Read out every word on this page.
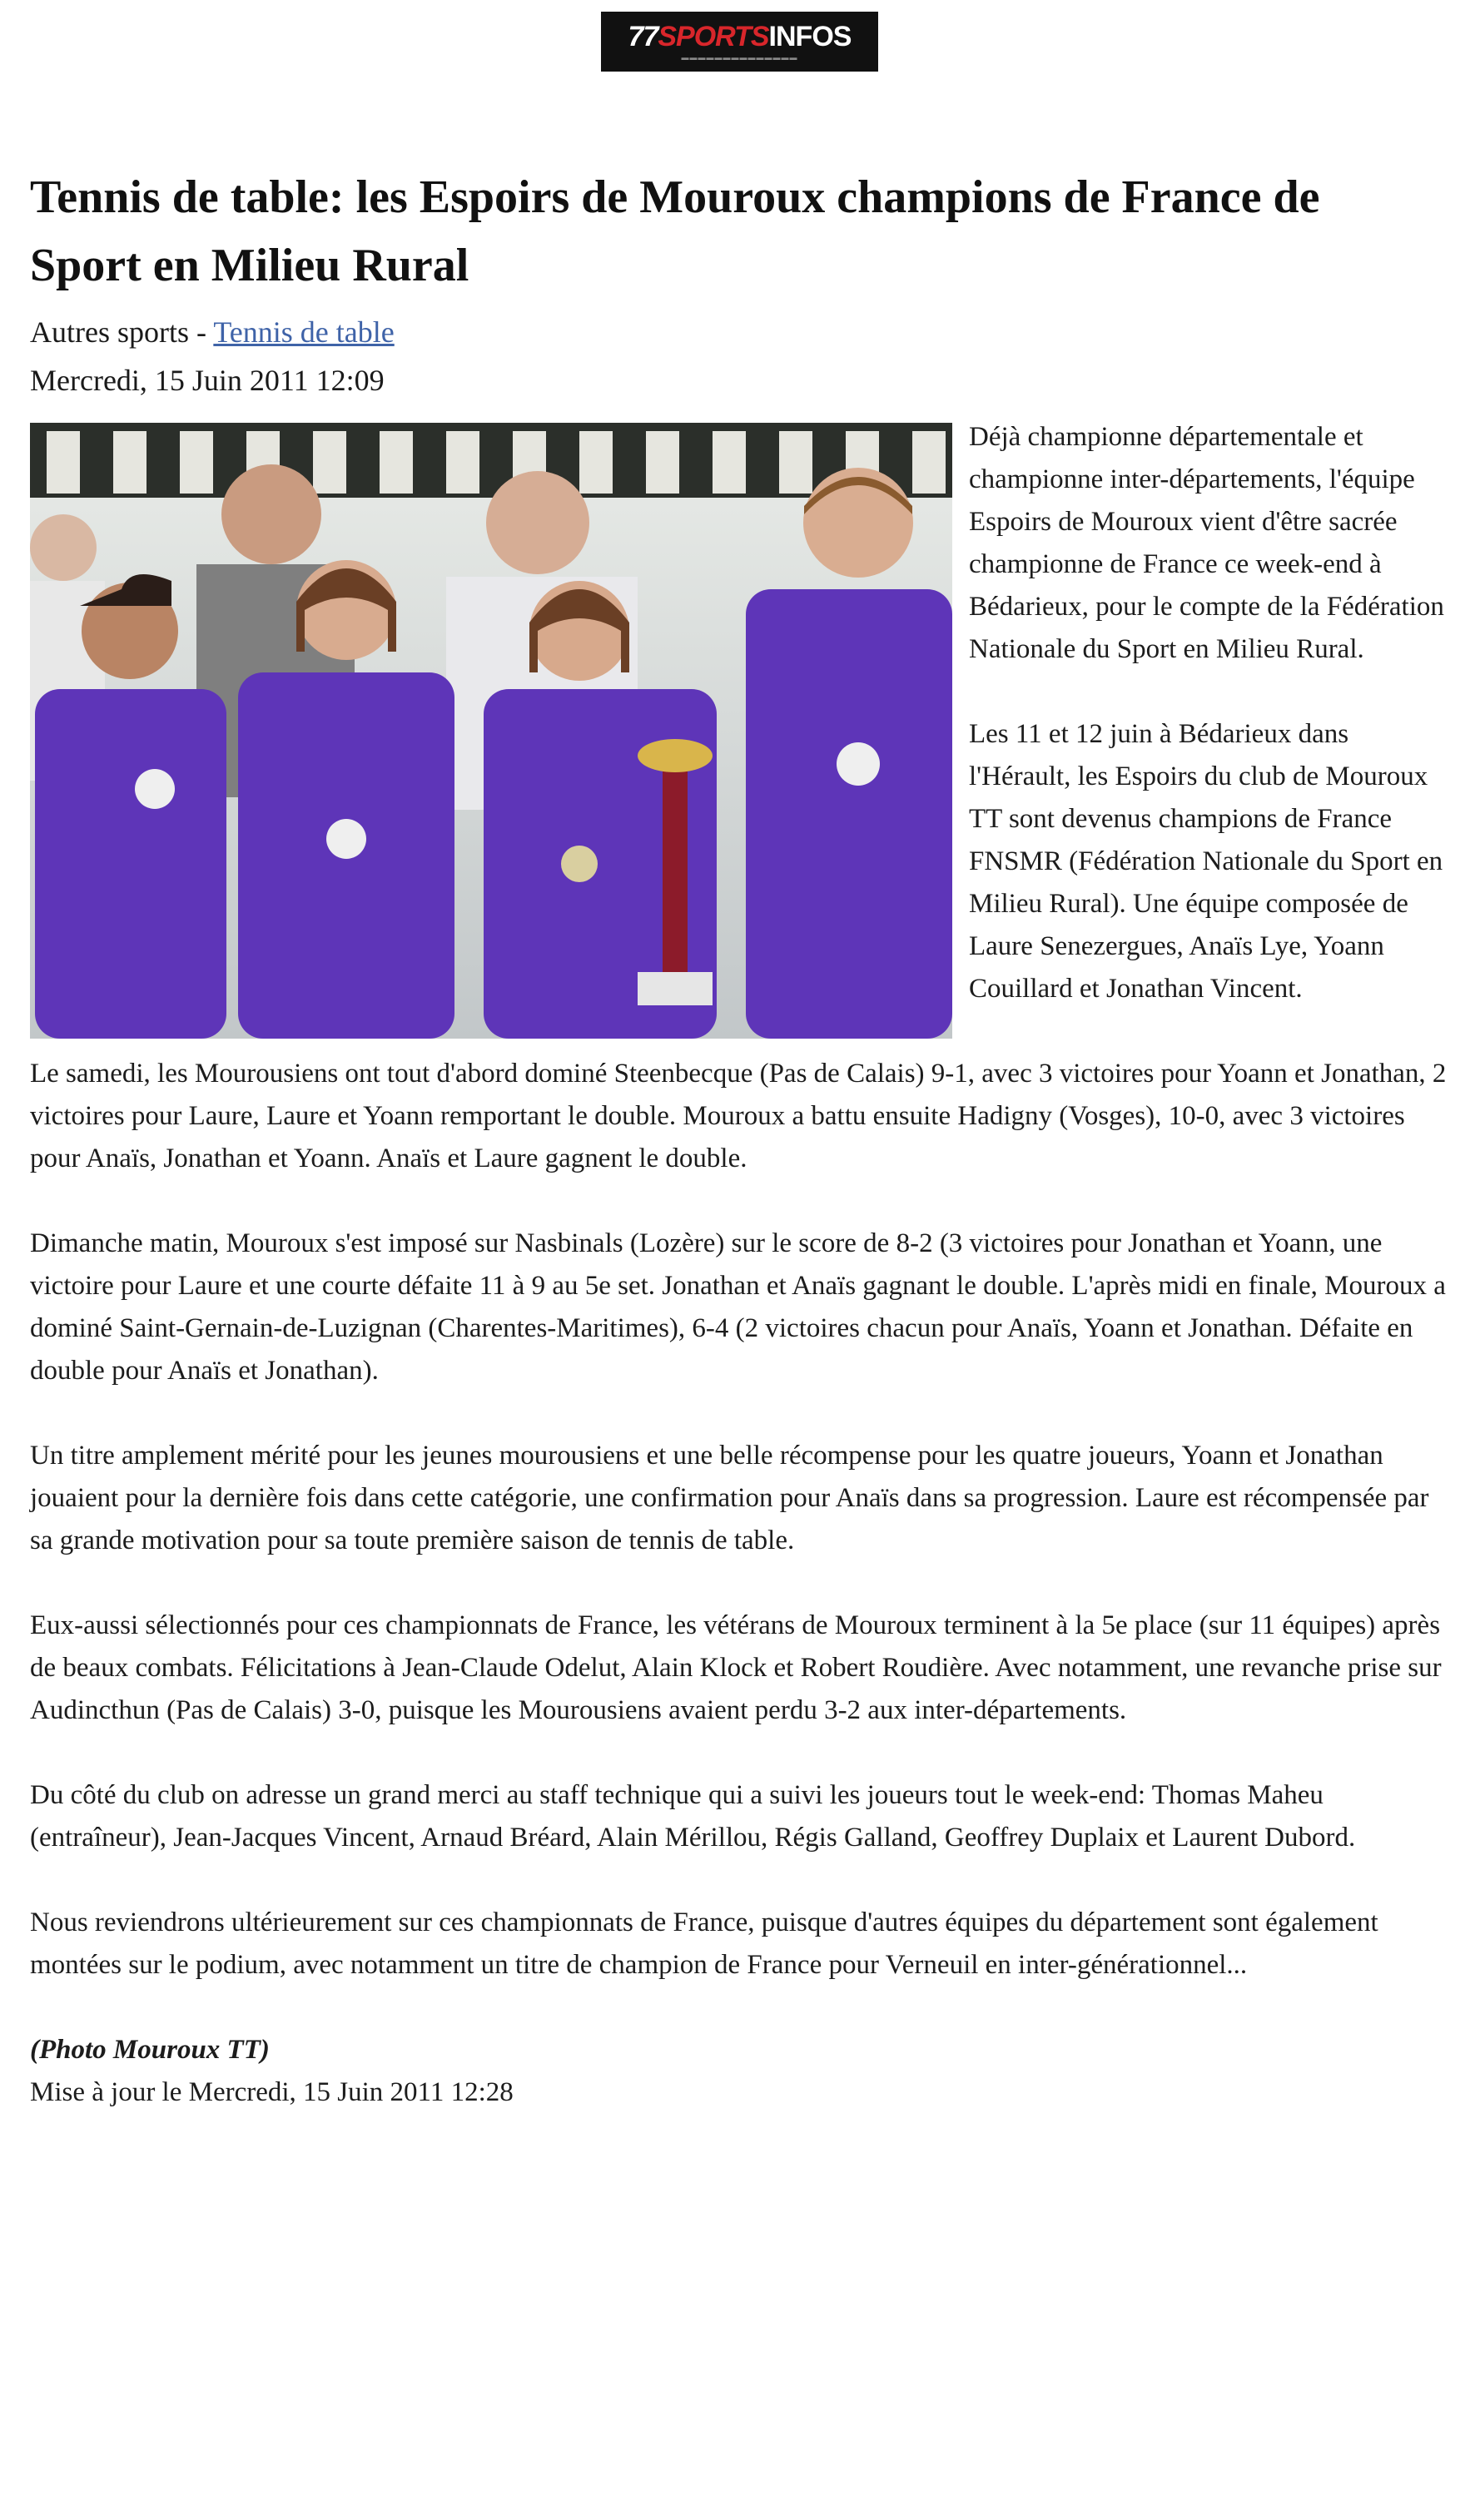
77SPORTSINFOS
▬▬▬▬▬▬▬▬▬▬▬▬▬▬
Tennis de table: les Espoirs de Mouroux champions de France de Sport en Milieu Rural
Autres sports - Tennis de table
Mercredi, 15 Juin 2011 12:09

Déjà championne départementale et championne inter-départements, l'équipe Espoirs de Mouroux vient d'être sacrée championne de France ce week-end à Bédarieux, pour le compte de la Fédération Nationale du Sport en Milieu Rural.

Les 11 et 12 juin à Bédarieux dans l'Hérault, les Espoirs du club de Mouroux TT sont devenus champions de France FNSMR (Fédération Nationale du Sport en Milieu Rural). Une équipe composée de Laure Senezergues, Anaïs Lye, Yoann Couillard et Jonathan Vincent.

Le samedi, les Mourousiens ont tout d'abord dominé Steenbecque (Pas de Calais) 9-1, avec 3 victoires pour Yoann et Jonathan, 2 victoires pour Laure, Laure et Yoann remportant le double. Mouroux a battu ensuite Hadigny (Vosges), 10-0, avec 3 victoires pour Anaïs, Jonathan et Yoann. Anaïs et Laure gagnent le double.

Dimanche matin, Mouroux s'est imposé sur Nasbinals (Lozère) sur le score de 8-2 (3 victoires pour Jonathan et Yoann, une victoire pour Laure et une courte défaite 11 à 9 au 5e set. Jonathan et Anaïs gagnant le double. L'après midi en finale, Mouroux a dominé Saint-Gernain-de-Luzignan (Charentes-Maritimes), 6-4 (2 victoires chacun pour Anaïs, Yoann et Jonathan. Défaite en double pour Anaïs et Jonathan).

Un titre amplement mérité pour les jeunes mourousiens et une belle récompense pour les quatre joueurs, Yoann et Jonathan jouaient pour la dernière fois dans cette catégorie, une confirmation pour Anaïs dans sa progression. Laure est récompensée par sa grande motivation pour sa toute première saison de tennis de table.

Eux-aussi sélectionnés pour ces championnats de France, les vétérans de Mouroux terminent à la 5e place (sur 11 équipes) après de beaux combats. Félicitations à Jean-Claude Odelut, Alain Klock et Robert Roudière. Avec notamment, une revanche prise sur Audincthun (Pas de Calais) 3-0, puisque les Mourousiens avaient perdu 3-2 aux inter-départements.

Du côté du club on adresse un grand merci au staff technique qui a suivi les joueurs tout le week-end: Thomas Maheu (entraîneur), Jean-Jacques Vincent, Arnaud Bréard, Alain Mérillou, Régis Galland, Geoffrey Duplaix et Laurent Dubord.

Nous reviendrons ultérieurement sur ces championnats de France, puisque d'autres équipes du département sont également montées sur le podium, avec notamment un titre de champion de France pour Verneuil en inter-générationnel...

(Photo Mouroux TT)
Mise à jour le Mercredi, 15 Juin 2011 12:28
